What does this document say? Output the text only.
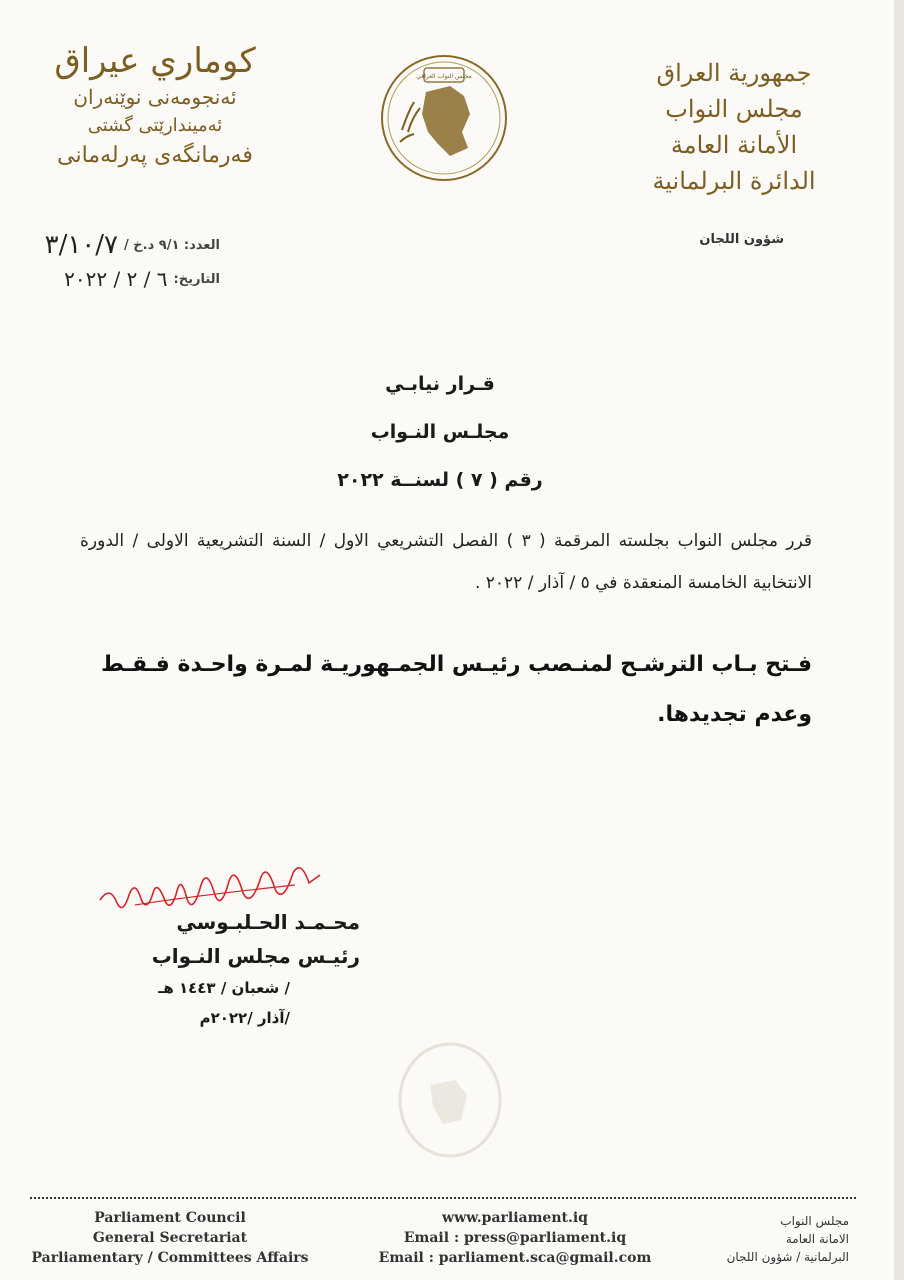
كوماري عيراق
ئەنجومەنی نوێنەران
ئەمیندارێتی گشتی
فەرمانگەی پەرلەمانی
مجلس النواب العراقي	جمهورية العراق
مجلس النواب
الأمانة العامة
الدائرة البرلمانية
شؤون اللجان
العدد: ٩/١ د.خ /
٣/١٠/٧
التاريخ:
٦ / ٢ / ٢٠٢٢
قـرار نيابـي
مجلـس النـواب
رقم ( ٧ ) لسنــة ٢٠٢٢
قرر مجلس النواب بجلسته المرقمة ( ٣ ) الفصل التشريعي الاول / السنة التشريعية الاولى / الدورة الانتخابية الخامسة المنعقدة في ٥ / آذار / ٢٠٢٢ .
فـتح بـاب الترشـح لمنـصب رئيـس الجمـهوريـة لمـرة واحـدة فـقـط وعدم تجديدها.
محـمـد الحـلبـوسي
رئيـس مجلس النـواب
/ شعبان / ١٤٤٣ هـ
/آذار /٢٠٢٢م
Parliament Council
General Secretariat
Parliamentary / Committees Affairs
www.parliament.iq
Email : press@parliament.iq
Email : parliament.sca@gmail.com
مجلس النواب
الامانة العامة
البرلمانية / شؤون اللجان
